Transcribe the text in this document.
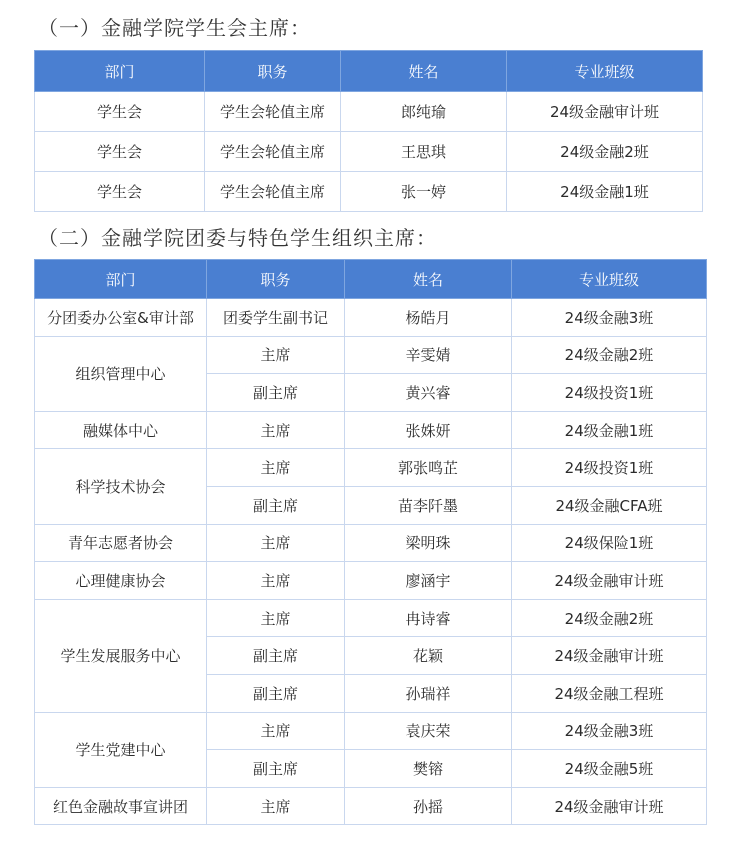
（一）金融学院学生会主席：
部门	职务	姓名	专业班级
学生会	学生会轮值主席	郎纯瑜	24级金融审计班
学生会	学生会轮值主席	王思琪	24级金融2班
学生会	学生会轮值主席	张一婷	24级金融1班
（二）金融学院团委与特色学生组织主席：
部门	职务	姓名	专业班级
分团委办公室&审计部	团委学生副书记	杨皓月	24级金融3班
组织管理中心	主席	辛雯婧	24级金融2班
	副主席	黄兴睿	24级投资1班
融媒体中心	主席	张姝妍	24级金融1班
科学技术协会	主席	郭张鸣芷	24级投资1班
	副主席	苗李阡墨	24级金融CFA班
青年志愿者协会	主席	梁明珠	24级保险1班
心理健康协会	主席	廖涵宇	24级金融审计班
学生发展服务中心	主席	冉诗睿	24级金融2班
	副主席	花颖	24级金融审计班
	副主席	孙瑞祥	24级金融工程班
学生党建中心	主席	袁庆荣	24级金融3班
	副主席	樊镕	24级金融5班
红色金融故事宣讲团	主席	孙摇	24级金融审计班
